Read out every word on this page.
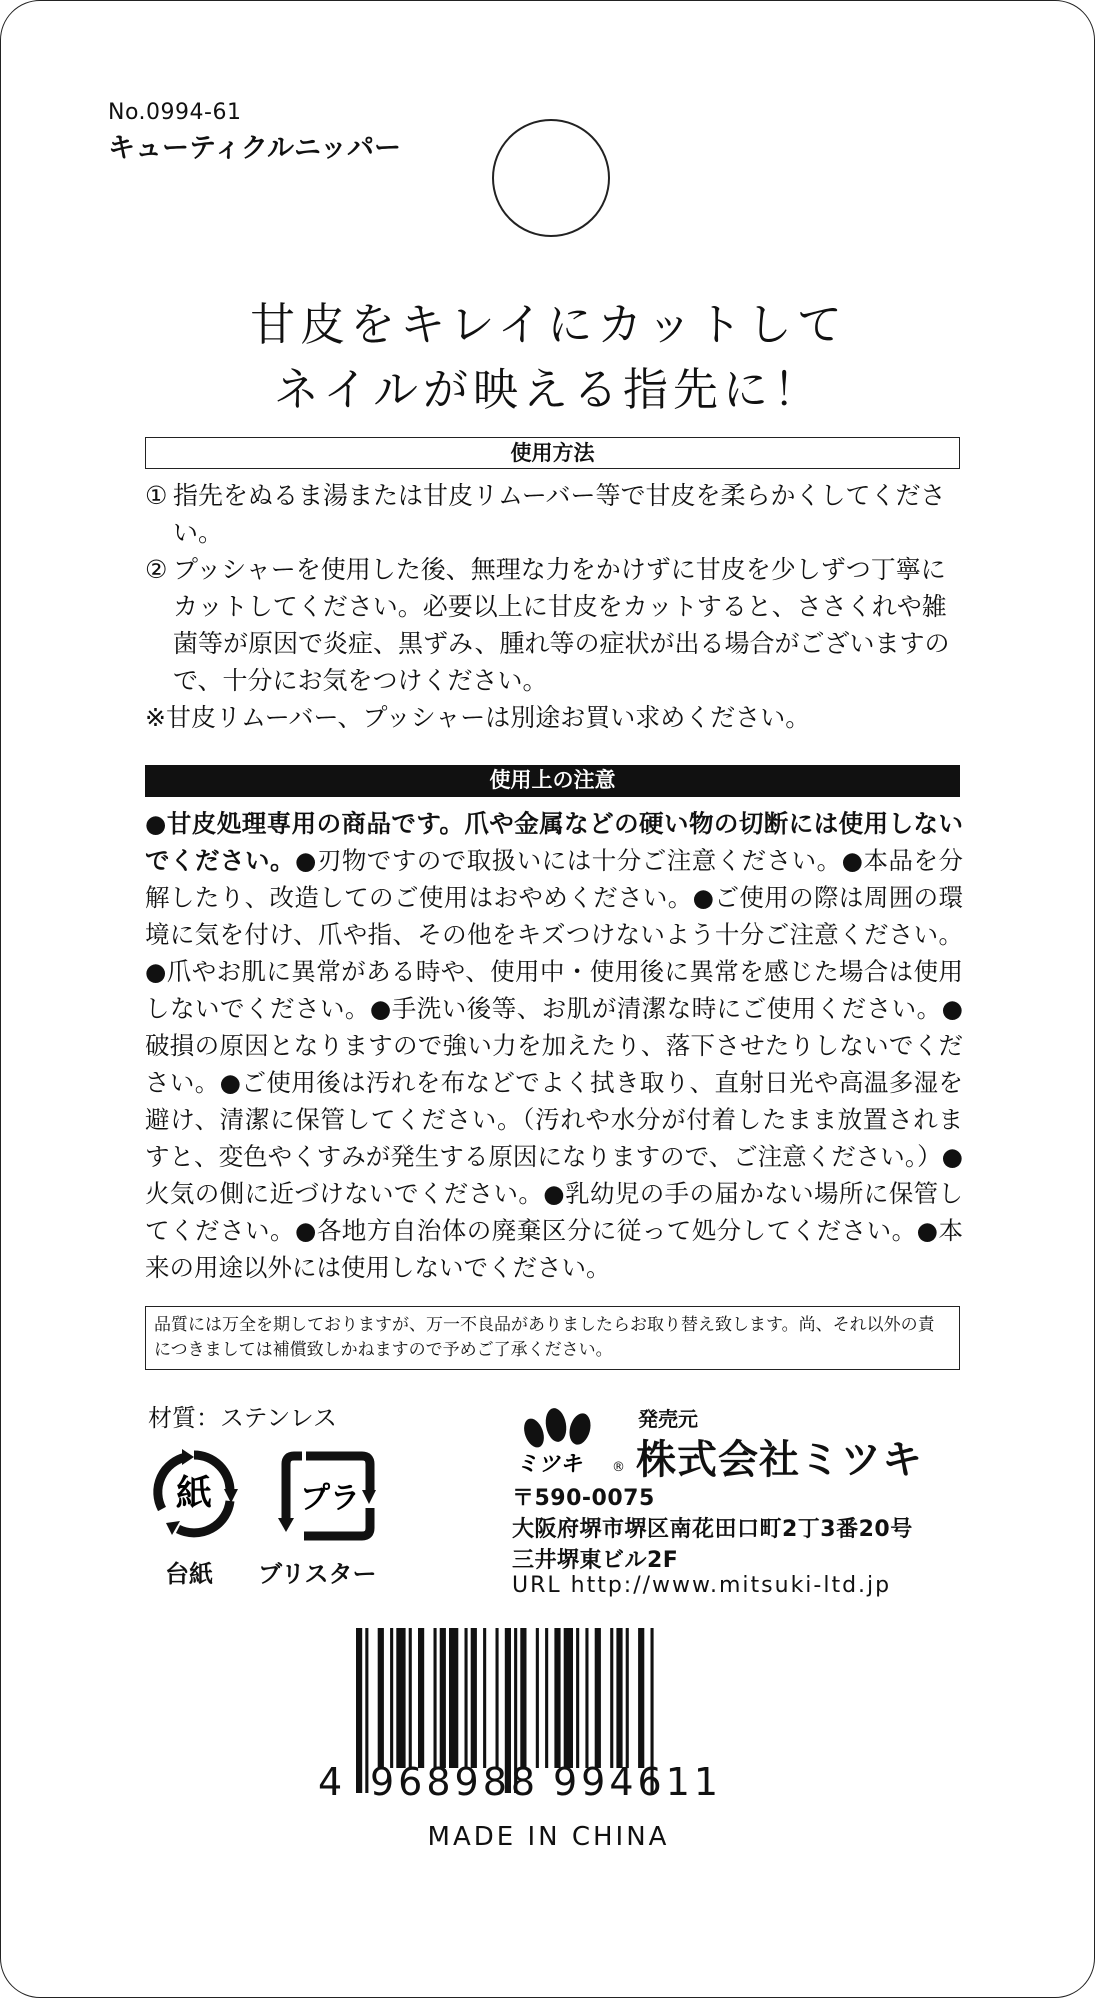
No.0994-61
キューティクルニッパー
甘皮をキレイにカットして
ネイルが映える指先に！
使用方法
① 指先をぬるま湯または甘皮リムーバー等で甘皮を柔らかくしてください。
② プッシャーを使用した後、無理な力をかけずに甘皮を少しずつ丁寧にカットしてください。必要以上に甘皮をカットすると、ささくれや雑菌等が原因で炎症、黒ずみ、腫れ等の症状が出る場合がございますので、十分にお気をつけください。
※甘皮リムーバー、プッシャーは別途お買い求めください。
使用上の注意
●甘皮処理専用の商品です。爪や金属などの硬い物の切断には使用しないでください。●刃物ですので取扱いには十分ご注意ください。●本品を分解したり、改造してのご使用はおやめください。●ご使用の際は周囲の環境に気を付け、爪や指、その他をキズつけないよう十分ご注意ください。●爪やお肌に異常がある時や、使用中・使用後に異常を感じた場合は使用しないでください。●手洗い後等、お肌が清潔な時にご使用ください。●破損の原因となりますので強い力を加えたり、落下させたりしないでください。●ご使用後は汚れを布などでよく拭き取り、直射日光や高温多湿を避け、清潔に保管してください。（汚れや水分が付着したまま放置されますと、変色やくすみが発生する原因になりますので、ご注意ください。）●火気の側に近づけないでください。●乳幼児の手の届かない場所に保管してください。●各地方自治体の廃棄区分に従って処分してください。●本来の用途以外には使用しないでください。
品質には万全を期しておりますが、万一不良品がありましたらお取り替え致します。尚、それ以外の責につきましては補償致しかねますので予めご了承ください。
材質：ステンレス
紙	プラ
台紙 ブリスター
ミツキ ®
発売元
株式会社ミツキ
〒590-0075
大阪府堺市堺区南花田口町2丁3番20号
三井堺東ビル2F
URL http://www.mitsuki-ltd.jp
4 968988 994611
MADE IN CHINA
